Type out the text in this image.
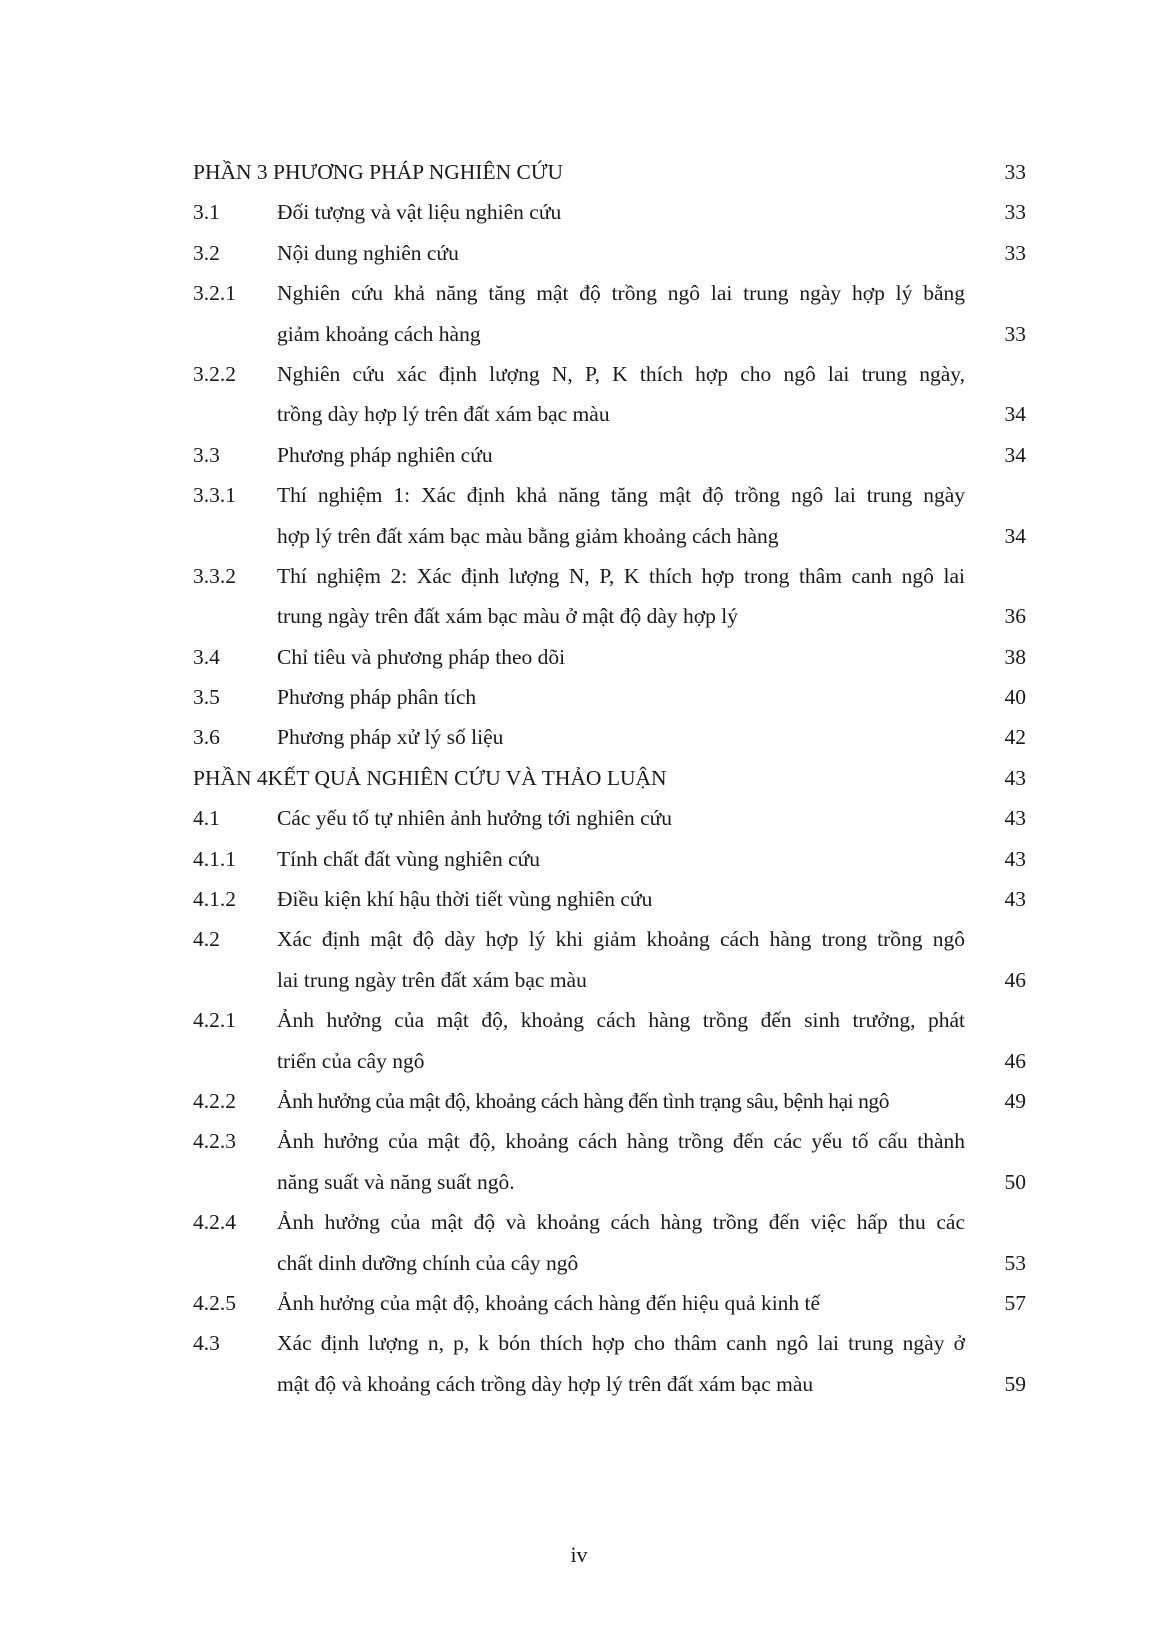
PHẦN 3 PHƯƠNG PHÁP NGHIÊN CỨU	33
3.1	Đối tượng và vật liệu nghiên cứu	33
3.2	Nội dung nghiên cứu	33
3.2.1 Nghiên cứu khả năng tăng mật độ trồng ngô lai trung ngày hợp lý bằng
giảm khoảng cách hàng	33
3.2.2 Nghiên cứu xác định lượng N, P, K thích hợp cho ngô lai trung ngày,
trồng dày hợp lý trên đất xám bạc màu	34
3.3	Phương pháp nghiên cứu	34
3.3.1 Thí nghiệm 1: Xác định khả năng tăng mật độ trồng ngô lai trung ngày
hợp lý trên đất xám bạc màu bằng giảm khoảng cách hàng	34
3.3.2 Thí nghiệm 2: Xác định lượng N, P, K thích hợp trong thâm canh ngô lai
trung ngày trên đất xám bạc màu ở mật độ dày hợp lý	36
3.4	Chỉ tiêu và phương pháp theo dõi	38
3.5	Phương pháp phân tích	40
3.6	Phương pháp xử lý số liệu	42
PHẦN 4KẾT QUẢ NGHIÊN CỨU VÀ THẢO LUẬN	43
4.1	Các yếu tố tự nhiên ảnh hưởng tới nghiên cứu	43
4.1.1 Tính chất đất vùng nghiên cứu	43
4.1.2 Điều kiện khí hậu thời tiết vùng nghiên cứu	43
4.2	Xác định mật độ dày hợp lý khi giảm khoảng cách hàng trong trồng ngô
lai trung ngày trên đất xám bạc màu	46
4.2.1 Ảnh hưởng của mật độ, khoảng cách hàng trồng đến sinh trưởng, phát
triển của cây ngô	46
4.2.2 Ảnh hưởng của mật độ, khoảng cách hàng đến tình trạng sâu, bệnh hại ngô	49
4.2.3 Ảnh hưởng của mật độ, khoảng cách hàng trồng đến các yếu tố cấu thành
năng suất và năng suất ngô.	50
4.2.4 Ảnh hưởng của mật độ và khoảng cách hàng trồng đến việc hấp thu các
chất dinh dưỡng chính của cây ngô	53
4.2.5 Ảnh hưởng của mật độ, khoảng cách hàng đến hiệu quả kinh tế	57
4.3	Xác định lượng n, p, k bón thích hợp cho thâm canh ngô lai trung ngày ở
mật độ và khoảng cách trồng dày hợp lý trên đất xám bạc màu	59
iv
